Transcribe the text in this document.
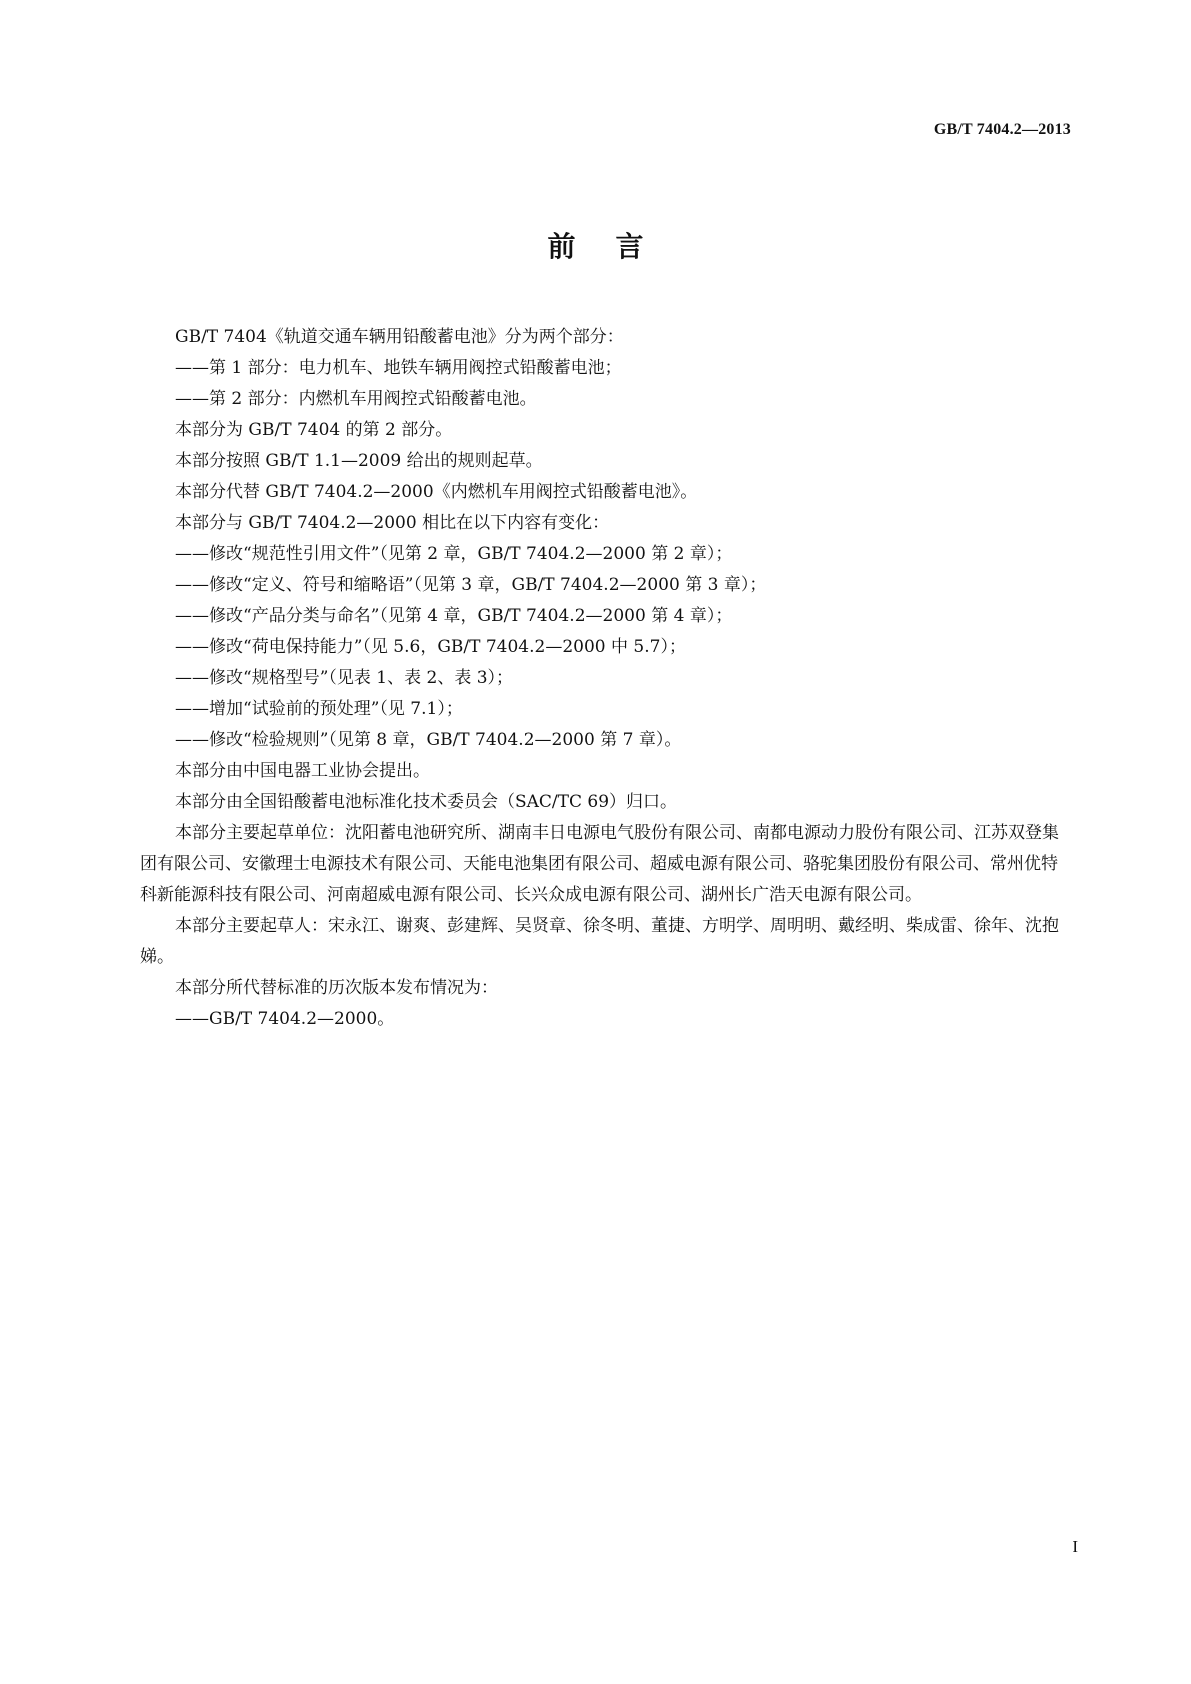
GB/T 7404.2—2013
前言

GB/T 7404《轨道交通车辆用铅酸蓄电池》分为两个部分：

——第 1 部分：电力机车、地铁车辆用阀控式铅酸蓄电池；

——第 2 部分：内燃机车用阀控式铅酸蓄电池。

本部分为 GB/T 7404 的第 2 部分。

本部分按照 GB/T 1.1—2009 给出的规则起草。

本部分代替 GB/T 7404.2—2000《内燃机车用阀控式铅酸蓄电池》。

本部分与 GB/T 7404.2—2000 相比在以下内容有变化：

——修改“规范性引用文件”（见第 2 章，GB/T 7404.2—2000 第 2 章）；

——修改“定义、符号和缩略语”（见第 3 章，GB/T 7404.2—2000 第 3 章）；

——修改“产品分类与命名”（见第 4 章，GB/T 7404.2—2000 第 4 章）；

——修改“荷电保持能力”（见 5.6，GB/T 7404.2—2000 中 5.7）；

——修改“规格型号”（见表 1、表 2、表 3）；

——增加“试验前的预处理”（见 7.1）；

——修改“检验规则”（见第 8 章，GB/T 7404.2—2000 第 7 章）。

本部分由中国电器工业协会提出。

本部分由全国铅酸蓄电池标准化技术委员会（SAC/TC 69）归口。

本部分主要起草单位：沈阳蓄电池研究所、湖南丰日电源电气股份有限公司、南都电源动力股份有限公司、江苏双登集团有限公司、安徽理士电源技术有限公司、天能电池集团有限公司、超威电源有限公司、骆驼集团股份有限公司、常州优特科新能源科技有限公司、河南超威电源有限公司、长兴众成电源有限公司、湖州长广浩天电源有限公司。

本部分主要起草人：宋永江、谢爽、彭建辉、吴贤章、徐冬明、董捷、方明学、周明明、戴经明、柴成雷、徐年、沈抱娣。

本部分所代替标准的历次版本发布情况为：

——GB/T 7404.2—2000。

I
